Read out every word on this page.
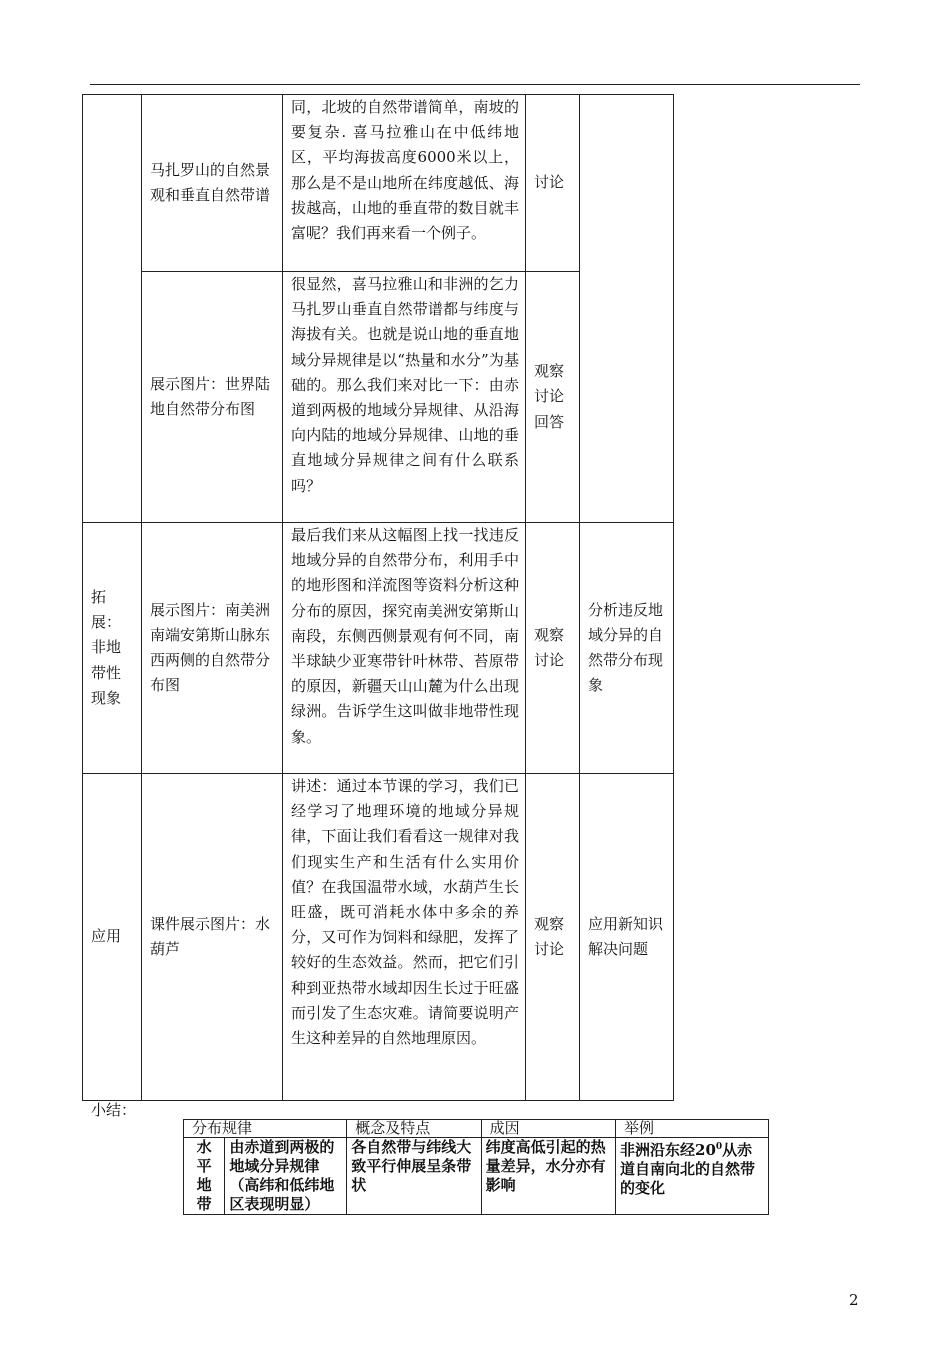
	马扎罗山的自然景观和垂直自然带谱	同，北坡的自然带谱简单，南坡的要复杂. 喜马拉雅山在中低纬地区，平均海拔高度6000米以上，那么是不是山地所在纬度越低、海拔越高，山地的垂直带的数目就丰富呢？我们再来看一个例子。	讨论	
	展示图片：世界陆地自然带分布图	很显然，喜马拉雅山和非洲的乞力马扎罗山垂直自然带谱都与纬度与海拔有关。也就是说山地的垂直地域分异规律是以“热量和水分”为基础的。那么我们来对比一下：由赤道到两极的地域分异规律、从沿海向内陆的地域分异规律、山地的垂直地域分异规律之间有什么联系吗？	观察讨论回答	
拓展：非地带性现象	展示图片：南美洲南端安第斯山脉东西两侧的自然带分布图	最后我们来从这幅图上找一找违反地域分异的自然带分布，利用手中的地形图和洋流图等资料分析这种分布的原因，探究南美洲安第斯山南段，东侧西侧景观有何不同，南半球缺少亚寒带针叶林带、苔原带的原因，新疆天山山麓为什么出现绿洲。告诉学生这叫做非地带性现象。	观察讨论	分析违反地域分异的自然带分布现象
应用	课件展示图片：水葫芦	讲述：通过本节课的学习，我们已经学习了地理环境的地域分异规律，下面让我们看看这一规律对我们现实生产和生活有什么实用价值？在我国温带水域，水葫芦生长旺盛，既可消耗水体中多余的养分，又可作为饲料和绿肥，发挥了较好的生态效益。然而，把它们引种到亚热带水域却因生长过于旺盛而引发了生态灾难。请简要说明产生这种差异的自然地理原因。	观察讨论	应用新知识解决问题
小结：
分布规律		概念及特点	成因	举例

水
平
地
带	由赤道到两极的地域分异规律（高纬和低纬地区表现明显）	各自然带与纬线大致平行伸展呈条带状	纬度高低引起的热量差异，水分亦有影响	非洲沿东经$20^0$从赤道自南向北的自然带的变化
2
